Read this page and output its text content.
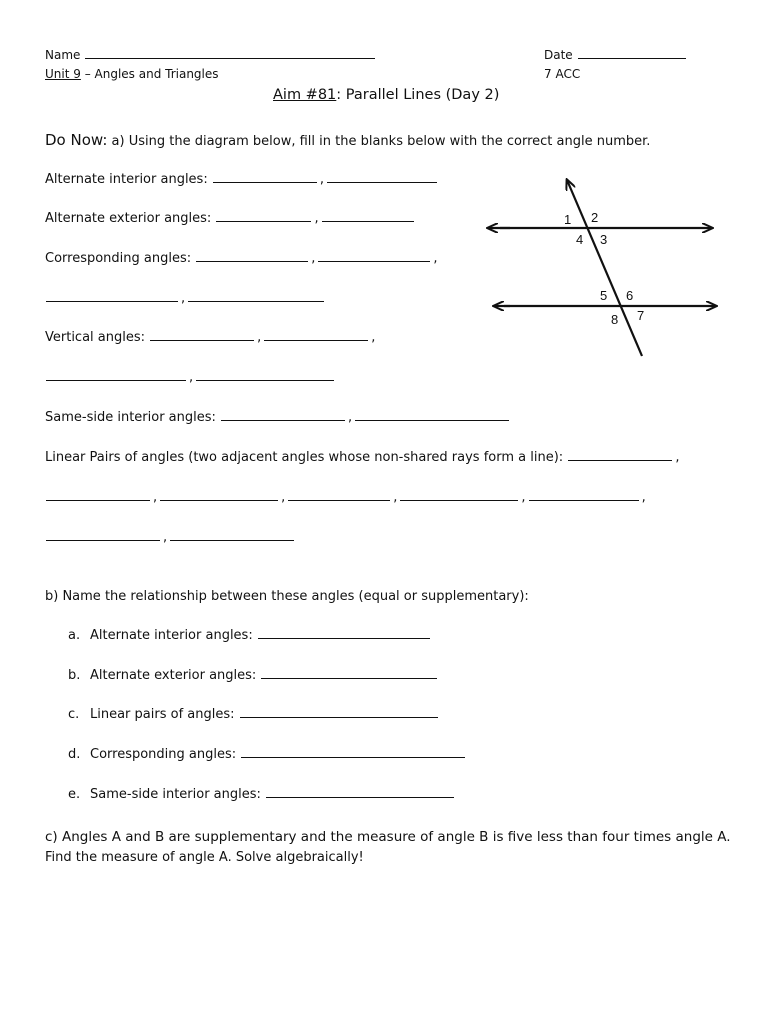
Name
Unit 9 – Angles and Triangles
Date
7 ACC
Aim #81: Parallel Lines (Day 2)
Do Now: a) Using the diagram below, fill in the blanks below with the correct angle number.
Alternate interior angles:	,
Alternate exterior angles:	,
Corresponding angles:	,	,
,
Vertical angles:	,	,
,
Same-side interior angles:	,
Linear Pairs of angles (two adjacent angles whose non-shared rays form a line):	,
,	,	,	,	,
,
1 2
4 3
5 6
8 7
b) Name the relationship between these angles (equal or supplementary):
a. Alternate interior angles:
b. Alternate exterior angles:
c. Linear pairs of angles:
d. Corresponding angles:
e. Same-side interior angles:
c) Angles A and B are supplementary and the measure of angle B is five less than four times angle A.
Find the measure of angle A. Solve algebraically!
